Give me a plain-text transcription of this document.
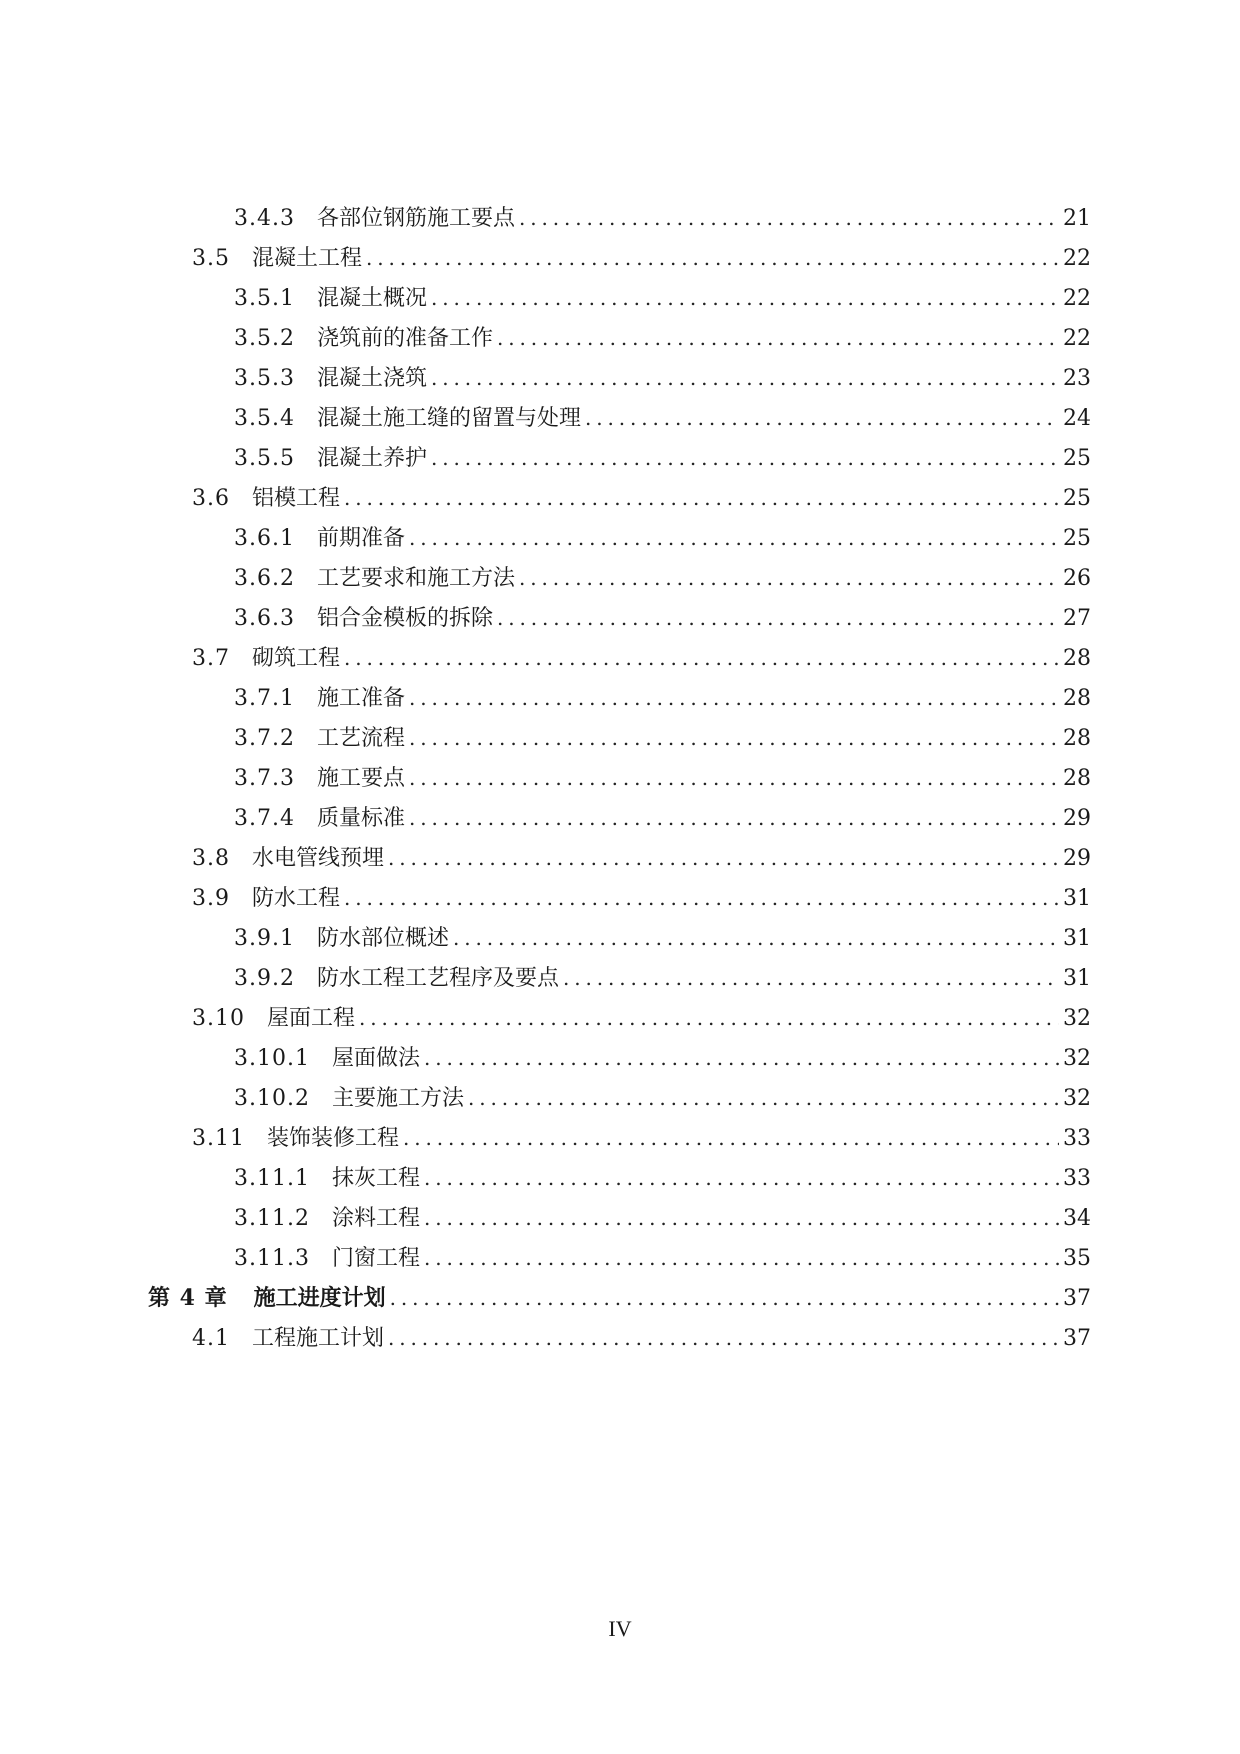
3.4.3 各部位钢筋施工要点 .....	21
3.5 混凝土工程 .....	22
3.5.1 混凝土概况 .....	22
3.5.2 浇筑前的准备工作 .....	22
3.5.3 混凝土浇筑 .....	23
3.5.4 混凝土施工缝的留置与处理 .....	24
3.5.5 混凝土养护 .....	25
3.6 铝模工程 .....	25
3.6.1 前期准备 .....	25
3.6.2 工艺要求和施工方法 .....	26
3.6.3 铝合金模板的拆除 .....	27
3.7 砌筑工程 .....	28
3.7.1 施工准备 .....	28
3.7.2 工艺流程 .....	28
3.7.3 施工要点 .....	28
3.7.4 质量标准 .....	29
3.8 水电管线预埋 .....	29
3.9 防水工程 .....	31
3.9.1 防水部位概述 .....	31
3.9.2 防水工程工艺程序及要点 .....	31
3.10 屋面工程 .....	32
3.10.1 屋面做法 .....	32
3.10.2 主要施工方法 .....	32
3.11 装饰装修工程 .....	33
3.11.1 抹灰工程 .....	33
3.11.2 涂料工程 .....	34
3.11.3 门窗工程 .....	35
第 4 章 施工进度计划 .....	37
4.1 工程施工计划 .....	37
IV
